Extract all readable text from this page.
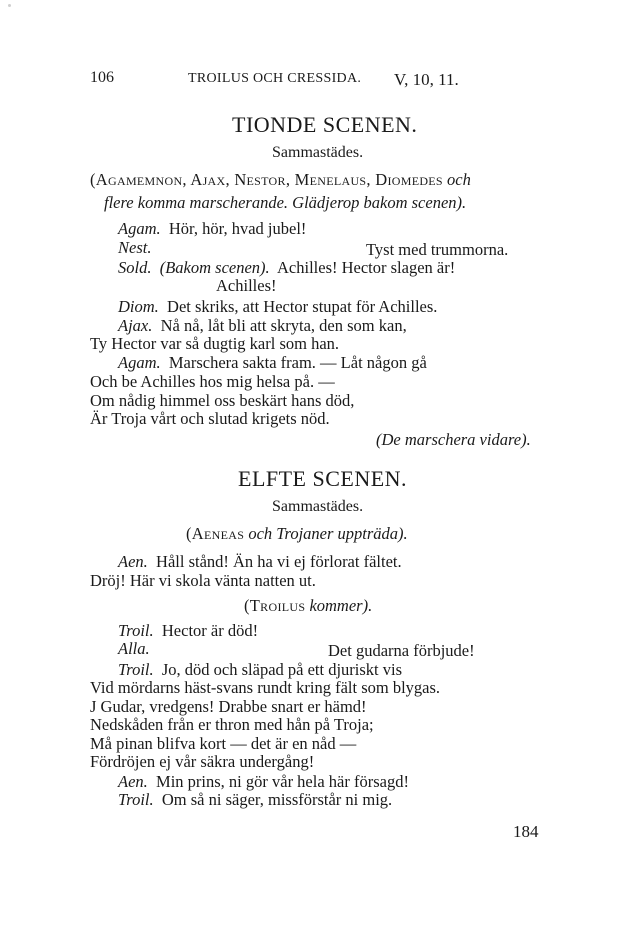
106	TROILUS OCH CRESSIDA. V, 10, 11.
TIONDE SCENEN.
Sammastädes.
(Agamemnon, Ajax, Nestor, Menelaus, Diomedes och
flere komma marscherande. Glädjerop bakom scenen).
Agam. Hör, hör, hvad jubel!
Nest.	Tyst med trummorna.
Sold. (Bakom scenen). Achilles! Hector slagen är!
Achilles!
Diom. Det skriks, att Hector stupat för Achilles.
Ajax. Nå nå, låt bli att skryta, den som kan,
Ty Hector var så dugtig karl som han.
Agam. Marschera sakta fram. — Låt någon gå
Och be Achilles hos mig helsa på. —
Om nådig himmel oss beskärt hans död,
Är Troja vårt och slutad krigets nöd.
(De marschera vidare).
ELFTE SCENEN.
Sammastädes.
(Aeneas och Trojaner uppträda).
Aen. Håll stånd! Än ha vi ej förlorat fältet.
Dröj! Här vi skola vänta natten ut.
(Troilus kommer).
Troil. Hector är död!
Alla.	Det gudarna förbjude!
Troil. Jo, död och släpad på ett djuriskt vis
Vid mördarns häst-svans rundt kring fält som blygas.
J Gudar, vredgens! Drabbe snart er hämd!
Nedskåden från er thron med hån på Troja;
Må pinan blifva kort — det är en nåd —
Fördröjen ej vår säkra undergång!
Aen. Min prins, ni gör vår hela här försagd!
Troil. Om så ni säger, missförstår ni mig.
184
